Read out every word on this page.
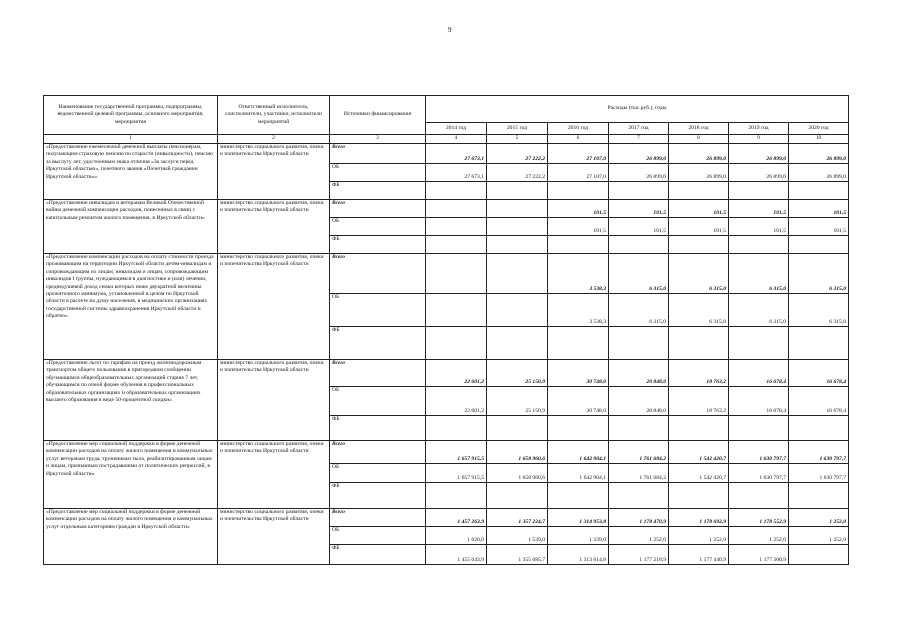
9
Наименование государственной программы, подпрограммы, ведомственной целевой программы, основного мероприятия, мероприятия	Ответственный исполнитель, соисполнители, участники, исполнители мероприятий	Источники финансирования	Расходы (тыс.руб.), годы						
			2014 год	2015 год	2016 год	2017 год	2018 год	2019 год	2020 год
1	2	3	4	5	6	7	8	9	10
«Предоставление ежемесячной денежной выплаты пенсионерам, получающим страховую пенсию по старости (инвалидности), пенсию за выслугу лет, удостоенным знака отличия «За заслуги перед Иркутской областью», почетного звания «Почетный гражданин Иркутской области»»	министерство социального развития, опеки и попечительства Иркутской области	Всего	27 673,1	27 222,2	27 107,0	26 899,0	26 899,0	26 899,0	26 899,0
		ОБ	27 673,1	27 222,2	27 107,0	26 899,0	26 899,0	26 899,0	26 899,0
		ФБ							
«Предоставление инвалидам и ветеранам Великой Отечественной войны денежной компенсации расходов, понесенных в связи с капитальным ремонтом жилого помещения, в Иркутской области»	министерство социального развития, опеки и попечительства Иркутской области	Всего			101,5	101,5	101,5	101,5	101,5
		ОБ			101,5	101,5	101,5	101,5	101,5
		ФБ							
«Предоставление компенсации расходов на оплату стоимости проезда проживающим на территории Иркутской области детям-инвалидам и сопровождающим их лицам, инвалидам и лицам, сопровождающим инвалидов I группы, нуждающимся в диагностике и (или) лечении, среднедушевой доход семьи которых ниже двукратной величины прожиточного минимума, установленной в целом по Иркутской области в расчете на душу населения, в медицинских организациях государственной системы здравоохранения Иркутской области и обратно»	министерство социального развития, опеки и попечительства Иркутской области	Всего			3 538,3	6 315,0	6 315,0	6 315,0	6 315,0
		ОБ			3 538,3	6 315,0	6 315,0	6 315,0	6 315,0
		ФБ							
«Предоставление льгот по тарифам на проезд железнодорожным транспортом общего пользования в пригородном сообщении обучающимся общеобразовательных организаций старше 7 лет, обучающимся по очной форме обучения в профессиональных образовательных организациях и образовательных организациях высшего образования в виде 50-процентной скидки»	министерство социального развития, опеки и попечительства Иркутской области	Всего	22 601,2	25 150,9	30 748,0	20 848,0	18 763,2	16 678,4	16 678,4
		ОБ	22 601,2	25 150,9	30 748,0	20 848,0	18 763,2	16 678,4	16 678,4
		ФБ							
«Предоставление мер социальной поддержки в форме денежной компенсации расходов на оплату жилого помещения и коммунальных услуг ветеранам труда, труженикам тыла, реабилитированным лицам и лицам, признанным пострадавшими от политических репрессий, в Иркутской области»	министерство социального развития, опеки и попечительства Иркутской области	Всего	1 657 915,5	1 658 960,6	1 642 904,1	1 761 684,2	1 542 420,7	1 630 797,7	1 630 797,7
		ОБ	1 657 915,5	1 658 960,6	1 642 904,1	1 761 684,2	1 542 420,7	1 630 797,7	1 630 797,7
		ФБ							
«Предоставление мер социальной поддержки в форме денежной компенсации расходов на оплату жилого помещения и коммунальных услуг отдельным категориям граждан в Иркутской области»	министерство социального развития, опеки и попечительства Иркутской области	Всего	1 457 263,9	1 357 224,7	1 314 953,8	1 178 470,9	1 178 692,9	1 178 552,9	1 252,0
		ОБ	1 620,0	1 539,0	1 339,0	1 252,0	1 252,0	1 252,0	1 252,0
		ФБ	1 455 643,9	1 355 685,7	1 313 614,8	1 177 218,9	1 177 440,9	1 177 300,9	
